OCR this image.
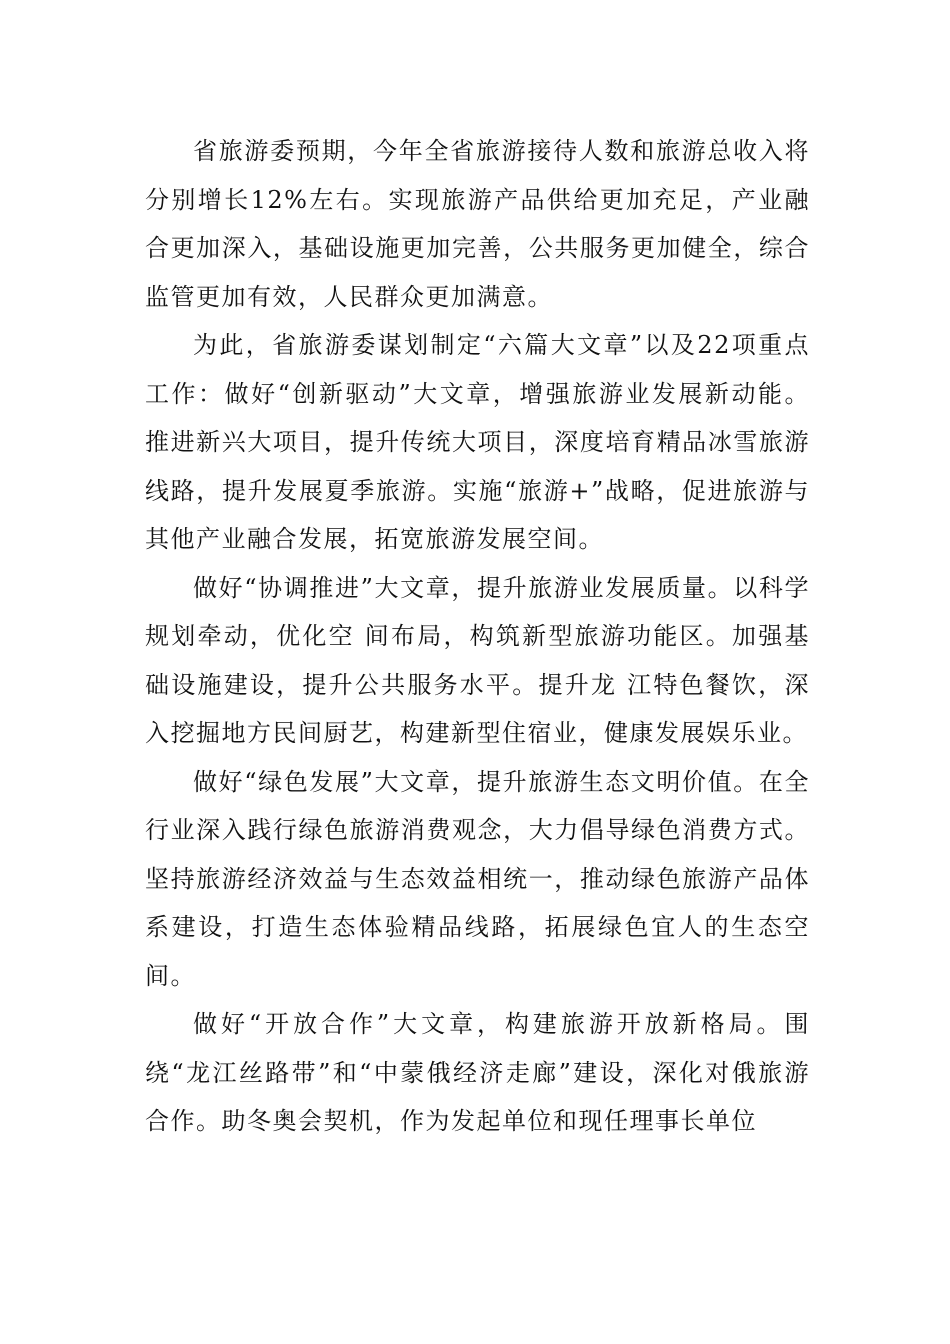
省旅游委预期，今年全省旅游接待人数和旅游总收入将分别增长12%左右。实现旅游产品供给更加充足，产业融合更加深入，基础设施更加完善，公共服务更加健全，综合监管更加有效，人民群众更加满意。

为此，省旅游委谋划制定“六篇大文章”以及22项重点工作：做好“创新驱动”大文章，增强旅游业发展新动能。推进新兴大项目，提升传统大项目，深度培育精品冰雪旅游线路，提升发展夏季旅游。实施“旅游+”战略，促进旅游与其他产业融合发展，拓宽旅游发展空间。

做好“协调推进”大文章，提升旅游业发展质量。以科学规划牵动，优化空 间布局，构筑新型旅游功能区。加强基础设施建设，提升公共服务水平。提升龙 江特色餐饮，深入挖掘地方民间厨艺，构建新型住宿业，健康发展娱乐业。

做好“绿色发展”大文章，提升旅游生态文明价值。在全行业深入践行绿色旅游消费观念，大力倡导绿色消费方式。坚持旅游经济效益与生态效益相统一，推动绿色旅游产品体系建设，打造生态体验精品线路，拓展绿色宜人的生态空间。

做好“开放合作”大文章，构建旅游开放新格局。围绕“龙江丝路带”和“中蒙俄经济走廊”建设，深化对俄旅游合作。助冬奥会契机，作为发起单位和现任理事长单位
